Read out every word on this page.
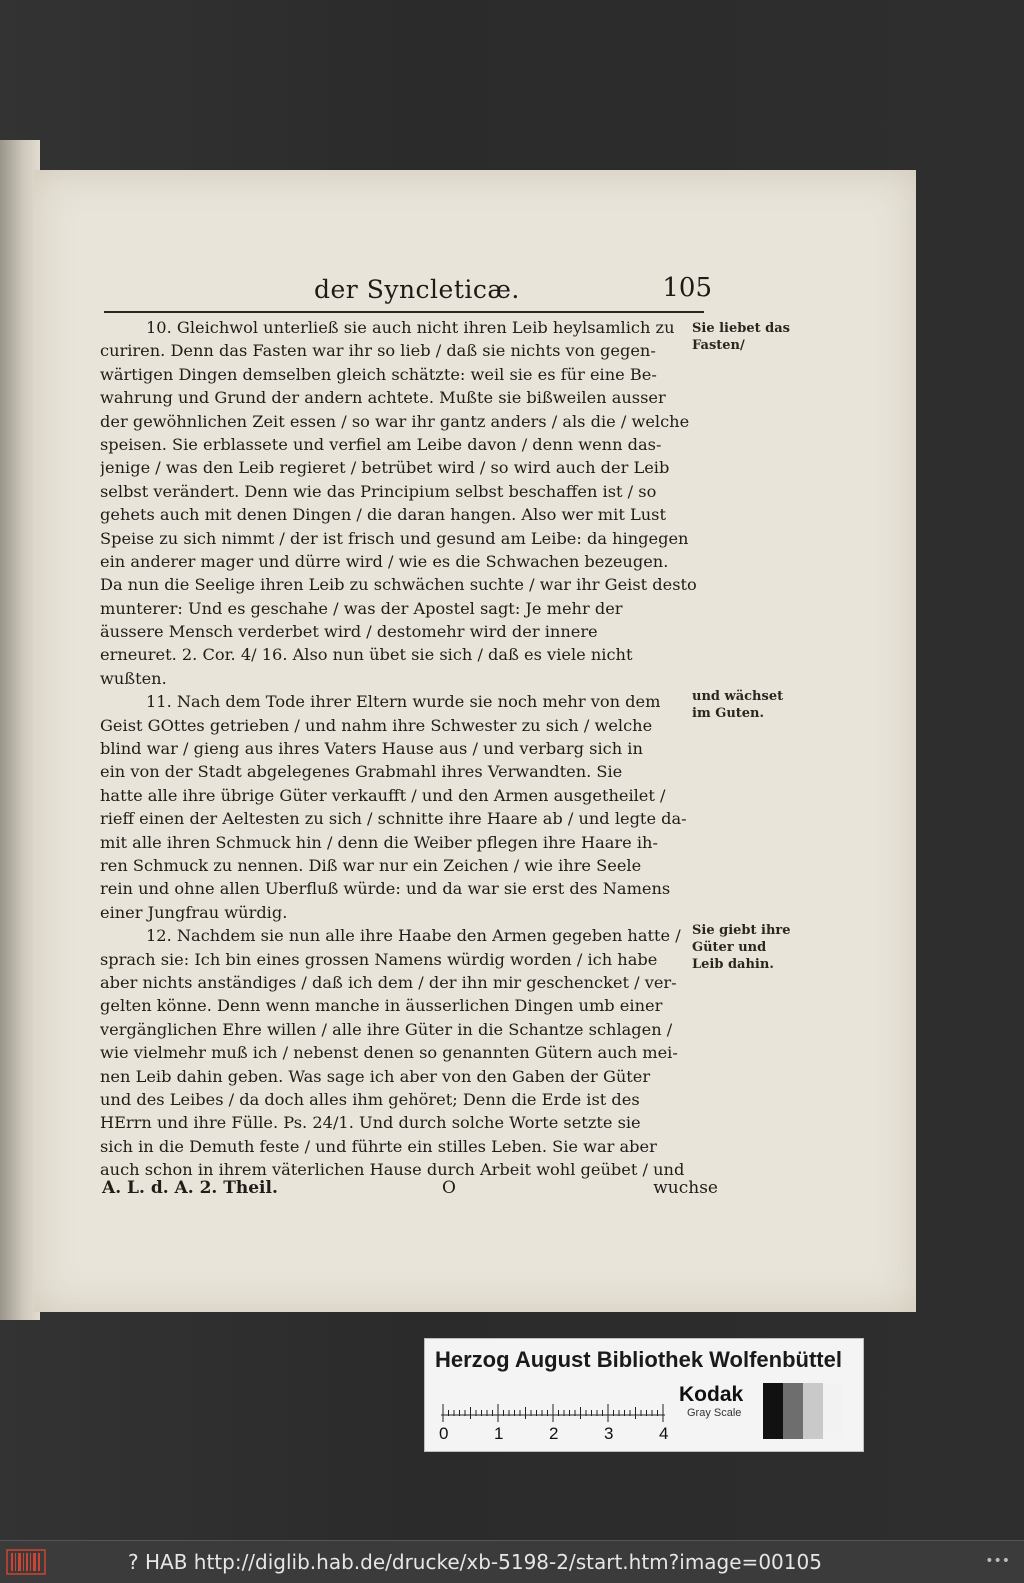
der Syncleticæ.	105
10. Gleichwol unterließ sie auch nicht ihren Leib heylsamlich zu
curiren. Denn das Fasten war ihr so lieb / daß sie nichts von gegen-
wärtigen Dingen demselben gleich schätzte: weil sie es für eine Be-
wahrung und Grund der andern achtete. Mußte sie bißweilen ausser
der gewöhnlichen Zeit essen / so war ihr gantz anders / als die / welche
speisen. Sie erblassete und verfiel am Leibe davon / denn wenn das-
jenige / was den Leib regieret / betrübet wird / so wird auch der Leib
selbst verändert. Denn wie das Principium selbst beschaffen ist / so
gehets auch mit denen Dingen / die daran hangen. Also wer mit Lust
Speise zu sich nimmt / der ist frisch und gesund am Leibe: da hingegen
ein anderer mager und dürre wird / wie es die Schwachen bezeugen.
Da nun die Seelige ihren Leib zu schwächen suchte / war ihr Geist desto
munterer: Und es geschahe / was der Apostel sagt: Je mehr der
äussere Mensch verderbet wird / destomehr wird der innere
erneuret. 2. Cor. 4/ 16. Also nun übet sie sich / daß es viele nicht
wußten.
11. Nach dem Tode ihrer Eltern wurde sie noch mehr von dem
Geist GOttes getrieben / und nahm ihre Schwester zu sich / welche
blind war / gieng aus ihres Vaters Hause aus / und verbarg sich in
ein von der Stadt abgelegenes Grabmahl ihres Verwandten. Sie
hatte alle ihre übrige Güter verkaufft / und den Armen ausgetheilet /
rieff einen der Aeltesten zu sich / schnitte ihre Haare ab / und legte da-
mit alle ihren Schmuck hin / denn die Weiber pflegen ihre Haare ih-
ren Schmuck zu nennen. Diß war nur ein Zeichen / wie ihre Seele
rein und ohne allen Uberfluß würde: und da war sie erst des Namens
einer Jungfrau würdig.
12. Nachdem sie nun alle ihre Haabe den Armen gegeben hatte /
sprach sie: Ich bin eines grossen Namens würdig worden / ich habe
aber nichts anständiges / daß ich dem / der ihn mir geschencket / ver-
gelten könne. Denn wenn manche in äusserlichen Dingen umb einer
vergänglichen Ehre willen / alle ihre Güter in die Schantze schlagen /
wie vielmehr muß ich / nebenst denen so genannten Gütern auch mei-
nen Leib dahin geben. Was sage ich aber von den Gaben der Güter
und des Leibes / da doch alles ihm gehöret; Denn die Erde ist des
HErrn und ihre Fülle. Ps. 24/1. Und durch solche Worte setzte sie
sich in die Demuth feste / und führte ein stilles Leben. Sie war aber
auch schon in ihrem väterlichen Hause durch Arbeit wohl geübet / und
Sie liebet das
Fasten/
und wächset
im Guten.
Sie giebt ihre
Güter und
Leib dahin.
A. L. d. A. 2. Theil.	O	wuchse
Herzog August Bibliothek Wolfenbüttel
0	1	2	3	4
Kodak
Gray Scale
? HAB http://diglib.hab.de/drucke/xb-5198-2/start.htm?image=00105	•••
